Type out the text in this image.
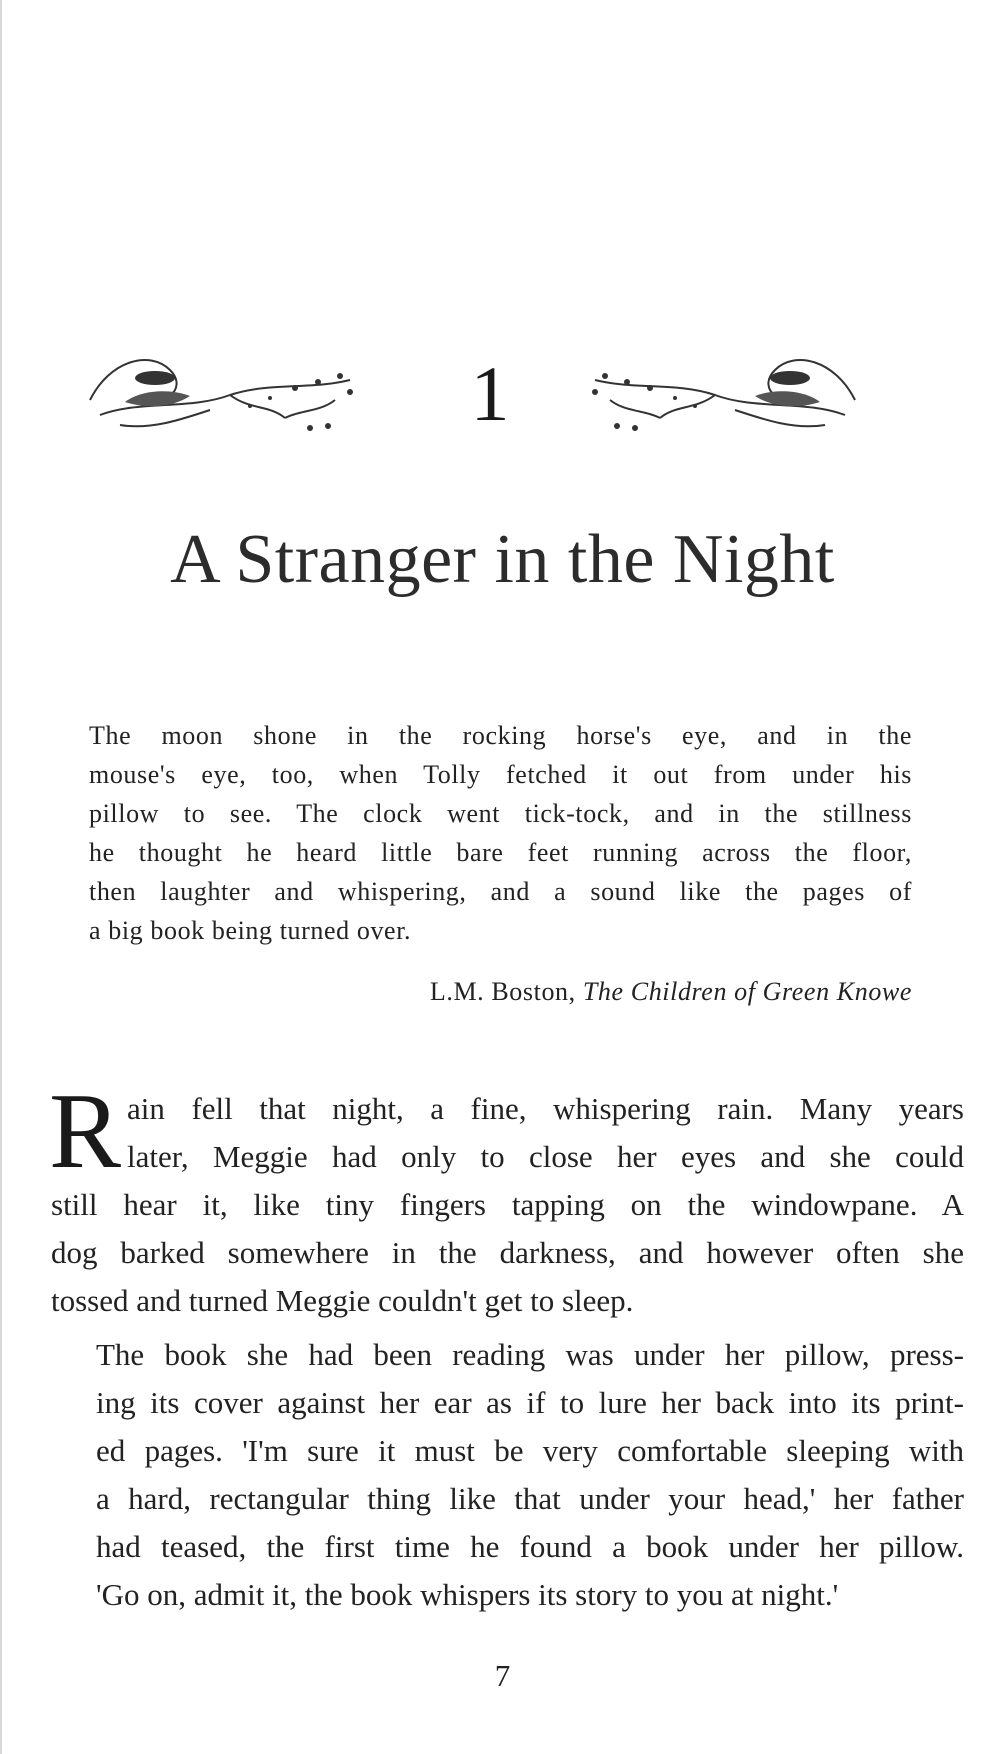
1
A Stranger in the Night
The moon shone in the rocking horse's eye, and in the
mouse's eye, too, when Tolly fetched it out from under his
pillow to see. The clock went tick-tock, and in the stillness
he thought he heard little bare feet running across the floor,
then laughter and whispering, and a sound like the pages of
a big book being turned over.
L.M. Boston, The Children of Green Knowe

R ain fell that night, a fine, whispering rain. Many years
later, Meggie had only to close her eyes and she could
still hear it, like tiny fingers tapping on the windowpane. A
dog barked somewhere in the darkness, and however often she
tossed and turned Meggie couldn't get to sleep.

The book she had been reading was under her pillow, press-
ing its cover against her ear as if to lure her back into its print-
ed pages. 'I'm sure it must be very comfortable sleeping with
a hard, rectangular thing like that under your head,' her father
had teased, the first time he found a book under her pillow.
'Go on, admit it, the book whispers its story to you at night.'

7
